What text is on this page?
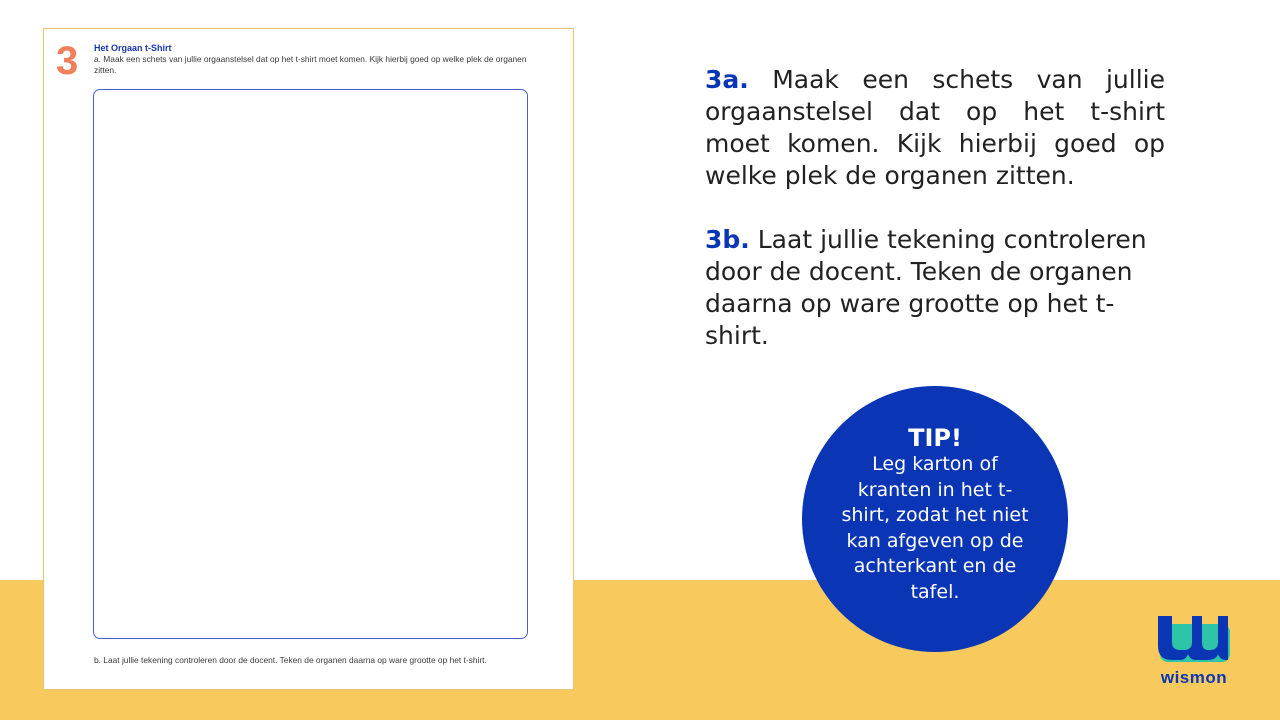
3 Het Orgaan t-Shirt
a. Maak een schets van jullie orgaanstelsel dat op het t-shirt moet komen. Kijk hierbij goed op welke plek de organen zitten.
b. Laat jullie tekening controleren door de docent. Teken de organen daarna op ware grootte op het t-shirt.
3a. Maak een schets van jullie orgaanstelsel dat op het t-shirt moet komen. Kijk hierbij goed op welke plek de organen zitten.
3b. Laat jullie tekening controleren door de docent. Teken de organen daarna op ware grootte op het t-shirt.
TIP!
Leg karton of kranten in het t-shirt, zodat het niet kan afgeven op de achterkant en de tafel.
wismon
